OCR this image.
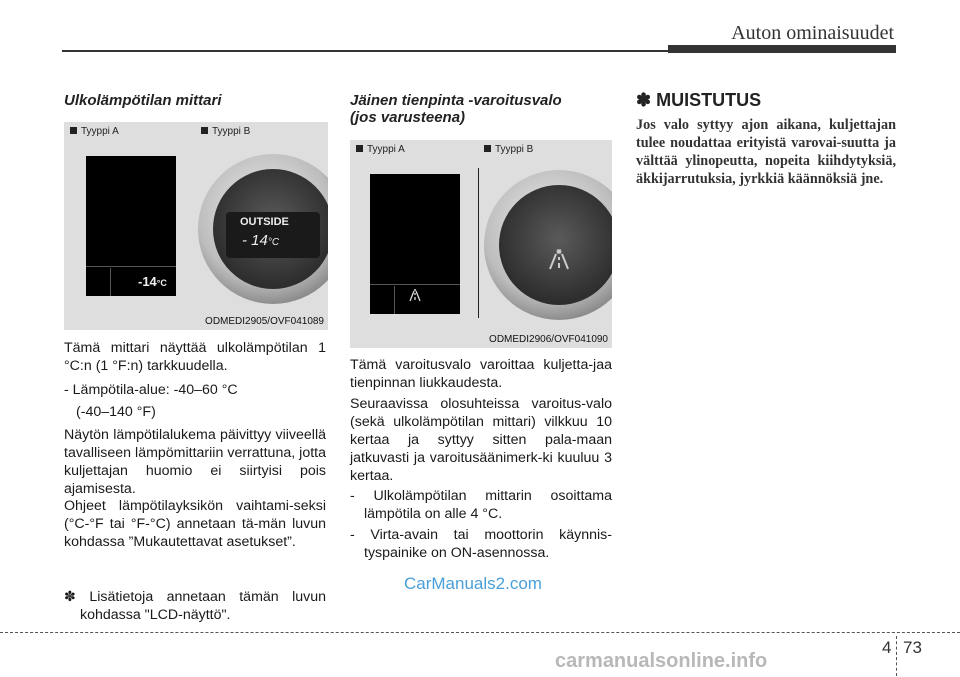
Auton ominaisuudet
Ulkolämpötilan mittari
Tyyppi A	Tyyppi B
-14°C
OUTSIDE
- 14°C
ODMEDI2905/OVF041089
Tämä mittari näyttää ulkolämpötilan 1 °C:n (1 °F:n) tarkkuudella.
- Lämpötila-alue: -40–60 °C
(-40–140 °F)
Näytön lämpötilalukema päivittyy viiveellä tavalliseen lämpömittariin verrattuna, jotta kuljettajan huomio ei siirtyisi pois ajamisesta.
Ohjeet lämpötilayksikön vaihtami-seksi (°C-°F tai °F-°C) annetaan tä-män luvun kohdassa ”Mukautettavat asetukset”.
✽ Lisätietoja annetaan tämän luvun kohdassa "LCD-näyttö".
Jäinen tienpinta -varoitusvalo
(jos varusteena)
Tyyppi A	Tyyppi B
ODMEDI2906/OVF041090
Tämä varoitusvalo varoittaa kuljetta-jaa tienpinnan liukkaudesta.
Seuraavissa olosuhteissa varoitus-valo (sekä ulkolämpötilan mittari) vilkkuu 10 kertaa ja syttyy sitten pala-maan jatkuvasti ja varoitusäänimerk-ki kuuluu 3 kertaa.
- Ulkolämpötilan mittarin osoittama lämpötila on alle 4 °C.
- Virta-avain tai moottorin käynnis-tyspainike on ON-asennossa.
✽ MUISTUTUS
Jos valo syttyy ajon aikana, kuljettajan tulee noudattaa erityistä varovai-suutta ja välttää ylinopeutta, nopeita kiihdytyksiä, äkkijarrutuksia, jyrkkiä käännöksiä jne.
CarManuals2.com
4 73
carmanualsonline.info
